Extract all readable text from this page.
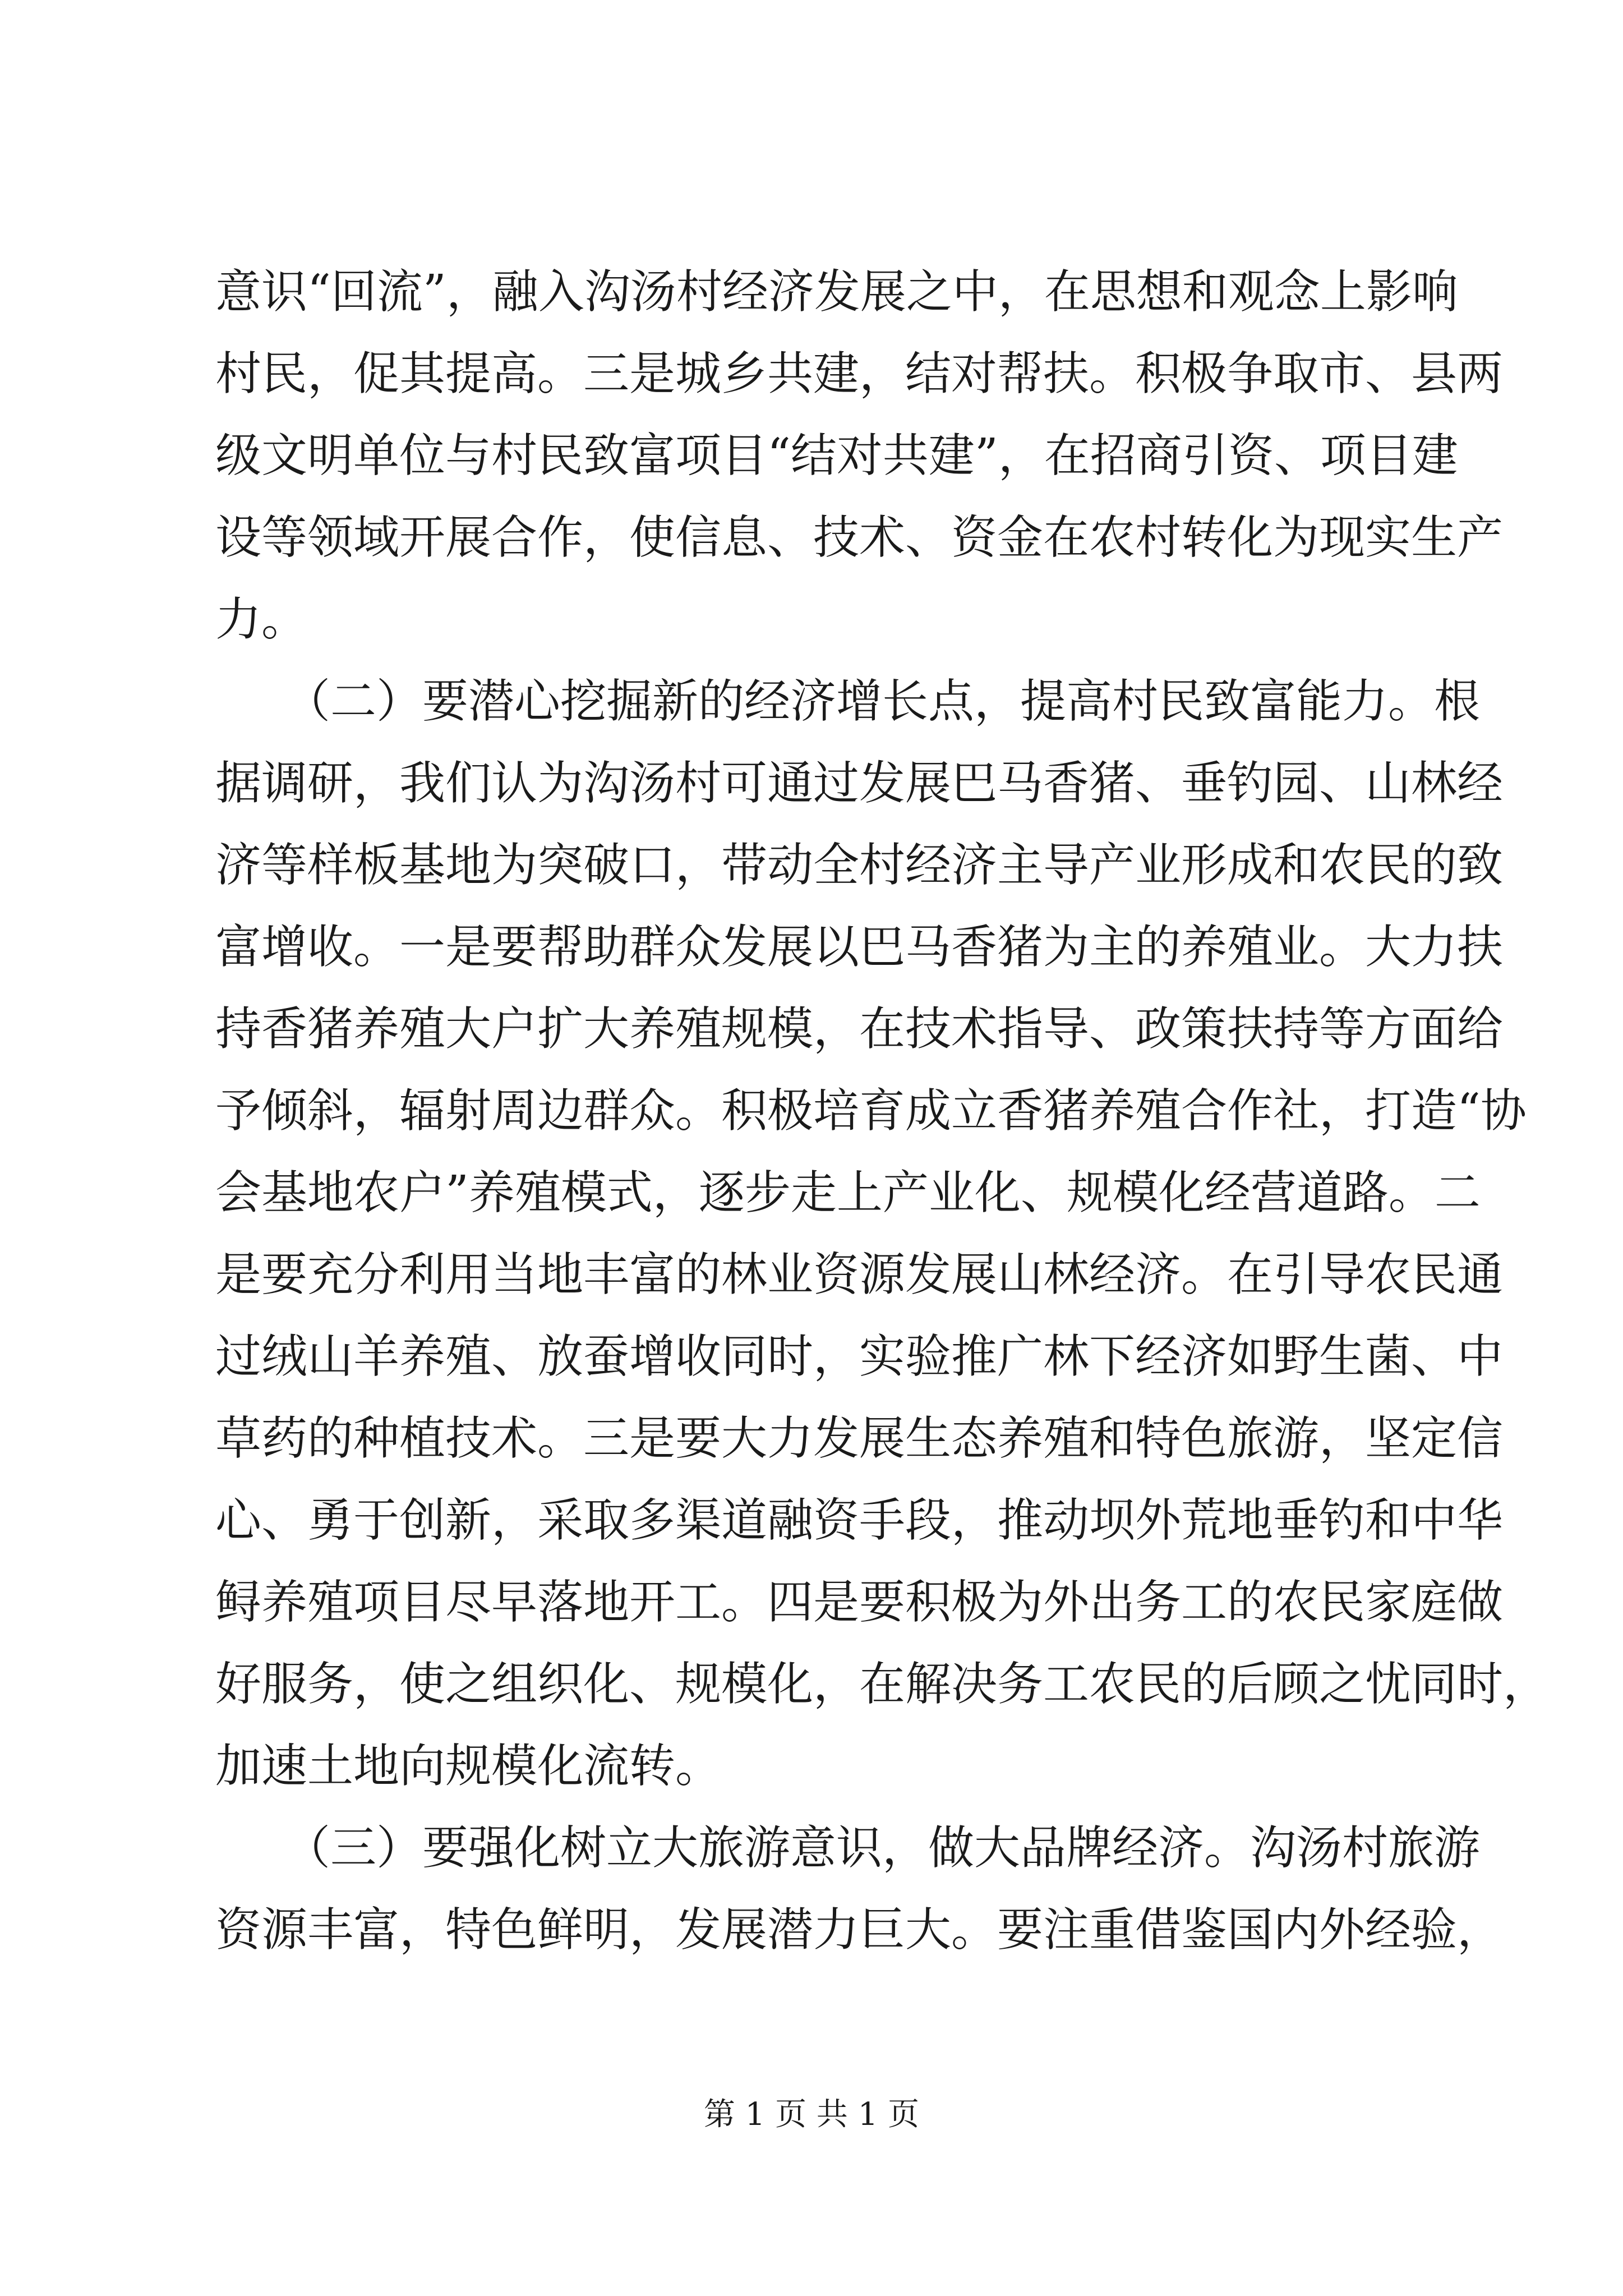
意识“回流”，融入沟汤村经济发展之中，在思想和观念上影响
村民，促其提高。三是城乡共建，结对帮扶。积极争取市、县两
级文明单位与村民致富项目“结对共建”，在招商引资、项目建
设等领域开展合作，使信息、技术、资金在农村转化为现实生产
力。
　　（二）要潜心挖掘新的经济增长点，提高村民致富能力。根
据调研，我们认为沟汤村可通过发展巴马香猪、垂钓园、山林经
济等样板基地为突破口，带动全村经济主导产业形成和农民的致
富增收。一是要帮助群众发展以巴马香猪为主的养殖业。大力扶
持香猪养殖大户扩大养殖规模，在技术指导、政策扶持等方面给
予倾斜，辐射周边群众。积极培育成立香猪养殖合作社，打造“协
会基地农户”养殖模式，逐步走上产业化、规模化经营道路。二
是要充分利用当地丰富的林业资源发展山林经济。在引导农民通
过绒山羊养殖、放蚕增收同时，实验推广林下经济如野生菌、中
草药的种植技术。三是要大力发展生态养殖和特色旅游，坚定信
心、勇于创新，采取多渠道融资手段，推动坝外荒地垂钓和中华
鲟养殖项目尽早落地开工。四是要积极为外出务工的农民家庭做
好服务，使之组织化、规模化，在解决务工农民的后顾之忧同时，
加速土地向规模化流转。
　　（三）要强化树立大旅游意识，做大品牌经济。沟汤村旅游
资源丰富，特色鲜明，发展潜力巨大。要注重借鉴国内外经验，
第 1 页 共 1 页
